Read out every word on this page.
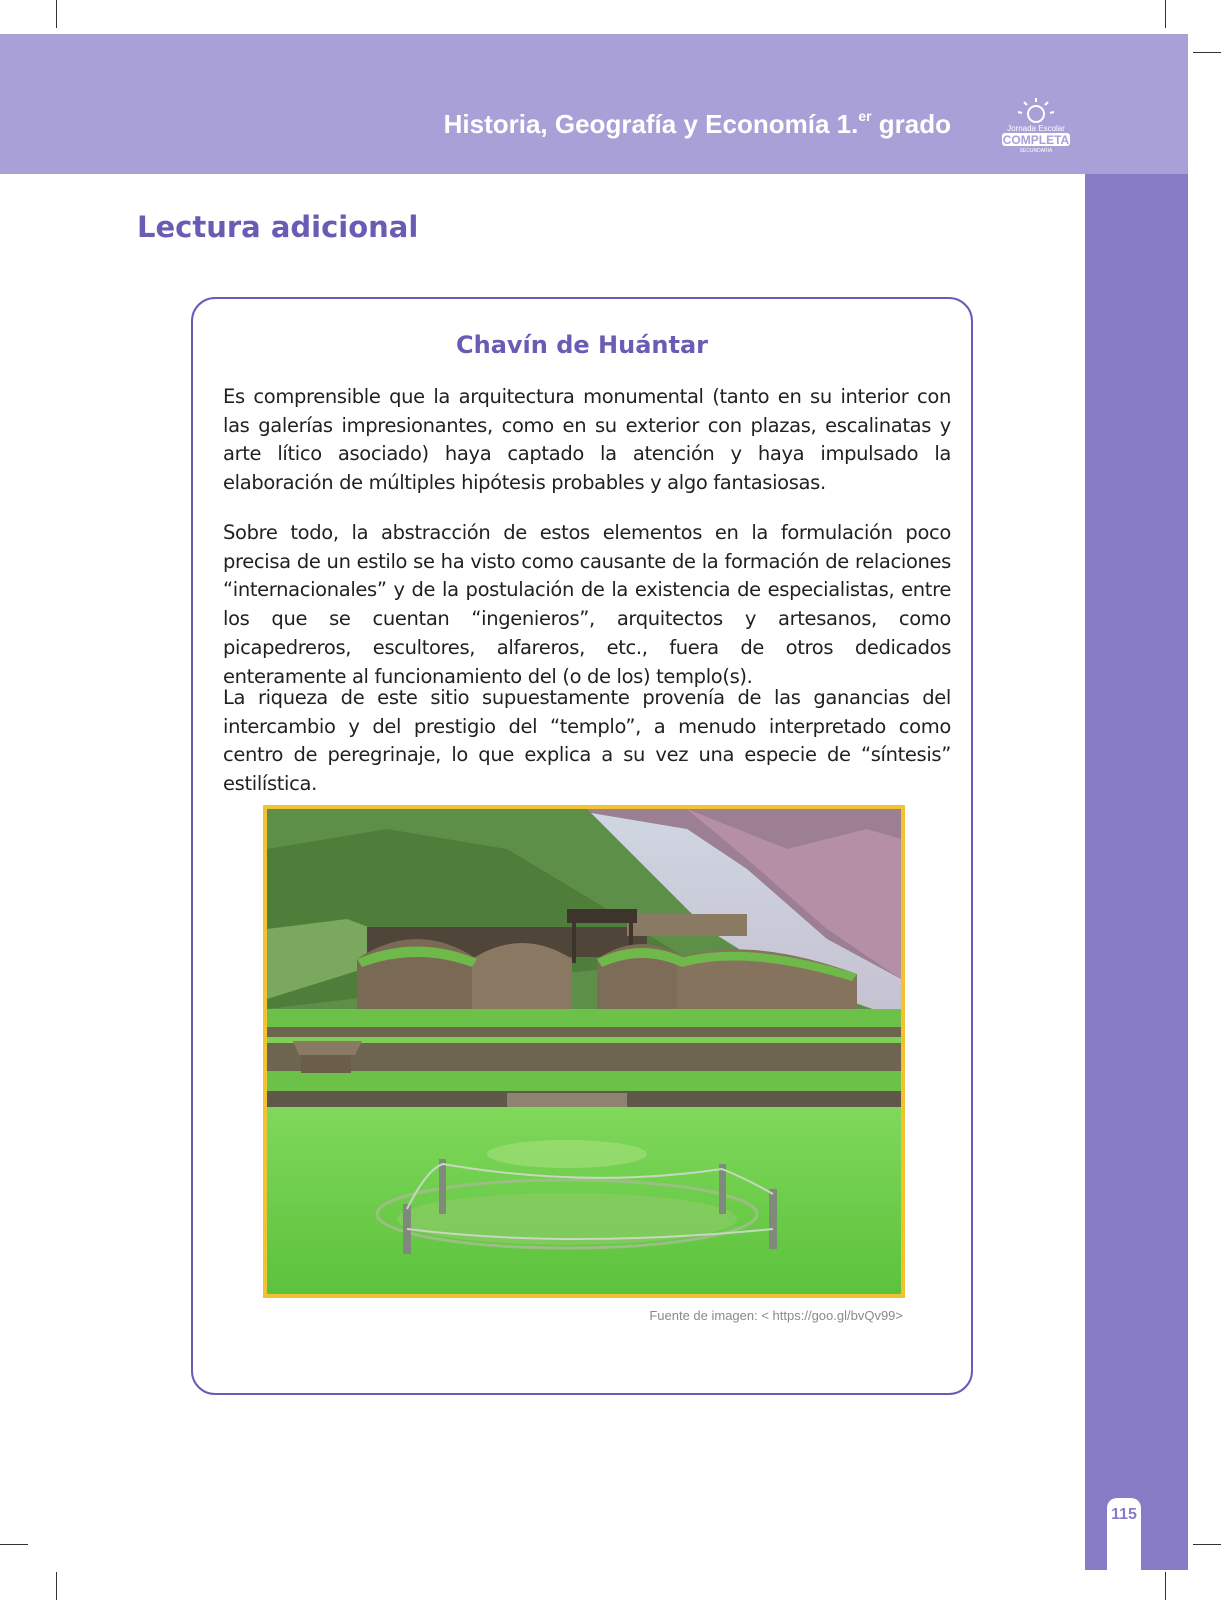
Historia, Geografía y Economía 1.$^{er}$ grado	Jornada Escolar
COMPLETA
SECUNDARIA
115
Lectura adicional
Chavín de Huántar

Es comprensible que la arquitectura monumental (tanto en su interior con las galerías impresionantes, como en su exterior con plazas, escalinatas y arte lítico asociado) haya captado la atención y haya impulsado la elaboración de múltiples hipótesis probables y algo fantasiosas.

Sobre todo, la abstracción de estos elementos en la formulación poco precisa de un estilo se ha visto como causante de la formación de relaciones “internacionales” y de la postulación de la existencia de especialistas, entre los que se cuentan “ingenieros”, arquitectos y artesanos, como picapedreros, escultores, alfareros, etc., fuera de otros dedicados enteramente al funcionamiento del (o de los) templo(s).

La riqueza de este sitio supuestamente provenía de las ganancias del intercambio y del prestigio del “templo”, a menudo interpretado como centro de peregrinaje, lo que explica a su vez una especie de “síntesis” estilística.

Fuente de imagen: < https://goo.gl/bvQv99>
